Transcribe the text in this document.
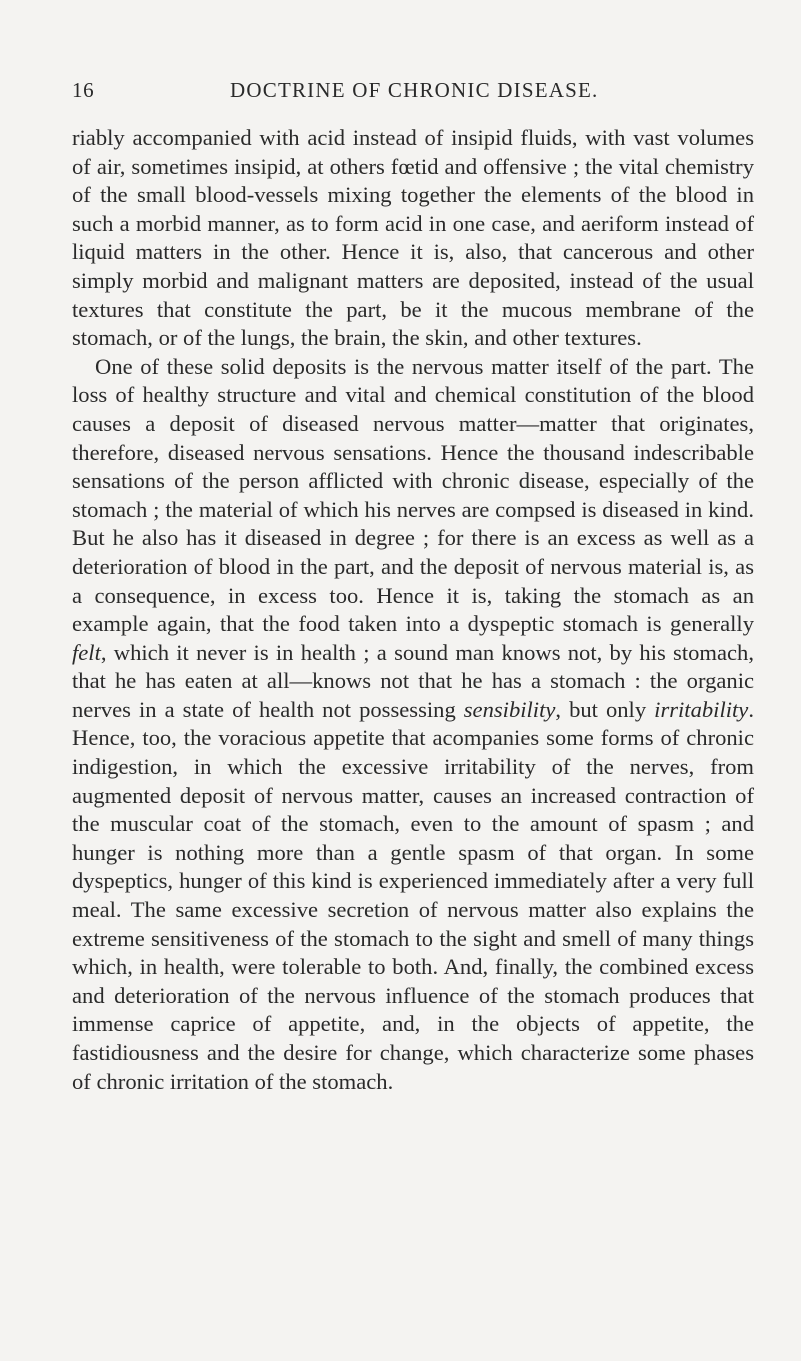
16	DOCTRINE OF CHRONIC DISEASE.

riably accompanied with acid instead of insipid fluids, with vast volumes of air, sometimes insipid, at others fœtid and offensive ; the vital chemistry of the small blood-vessels mixing together the elements of the blood in such a morbid manner, as to form acid in one case, and aeriform instead of liquid matters in the other. Hence it is, also, that cancerous and other simply morbid and malignant matters are deposited, instead of the usual textures that constitute the part, be it the mucous membrane of the stomach, or of the lungs, the brain, the skin, and other textures.

One of these solid deposits is the nervous matter itself of the part. The loss of healthy structure and vital and chemical constitution of the blood causes a deposit of diseased nervous matter—matter that originates, therefore, diseased nervous sensations. Hence the thousand indescribable sensations of the person afflicted with chronic disease, especially of the stomach ; the material of which his nerves are compsed is diseased in kind. But he also has it diseased in degree ; for there is an excess as well as a deterioration of blood in the part, and the deposit of nervous material is, as a consequence, in excess too. Hence it is, taking the stomach as an example again, that the food taken into a dyspeptic stomach is generally felt, which it never is in health ; a sound man knows not, by his stomach, that he has eaten at all—knows not that he has a stomach : the organic nerves in a state of health not possessing sensibility, but only irritability. Hence, too, the voracious appetite that acompanies some forms of chronic indigestion, in which the excessive irritability of the nerves, from augmented deposit of nervous matter, causes an increased contraction of the muscular coat of the stomach, even to the amount of spasm ; and hunger is nothing more than a gentle spasm of that organ. In some dyspeptics, hunger of this kind is experienced immediately after a very full meal. The same excessive secretion of nervous matter also explains the extreme sensitiveness of the stomach to the sight and smell of many things which, in health, were tolerable to both. And, finally, the combined excess and deterioration of the nervous influence of the stomach produces that immense caprice of appetite, and, in the objects of appetite, the fastidiousness and the desire for change, which characterize some phases of chronic irritation of the stomach.
